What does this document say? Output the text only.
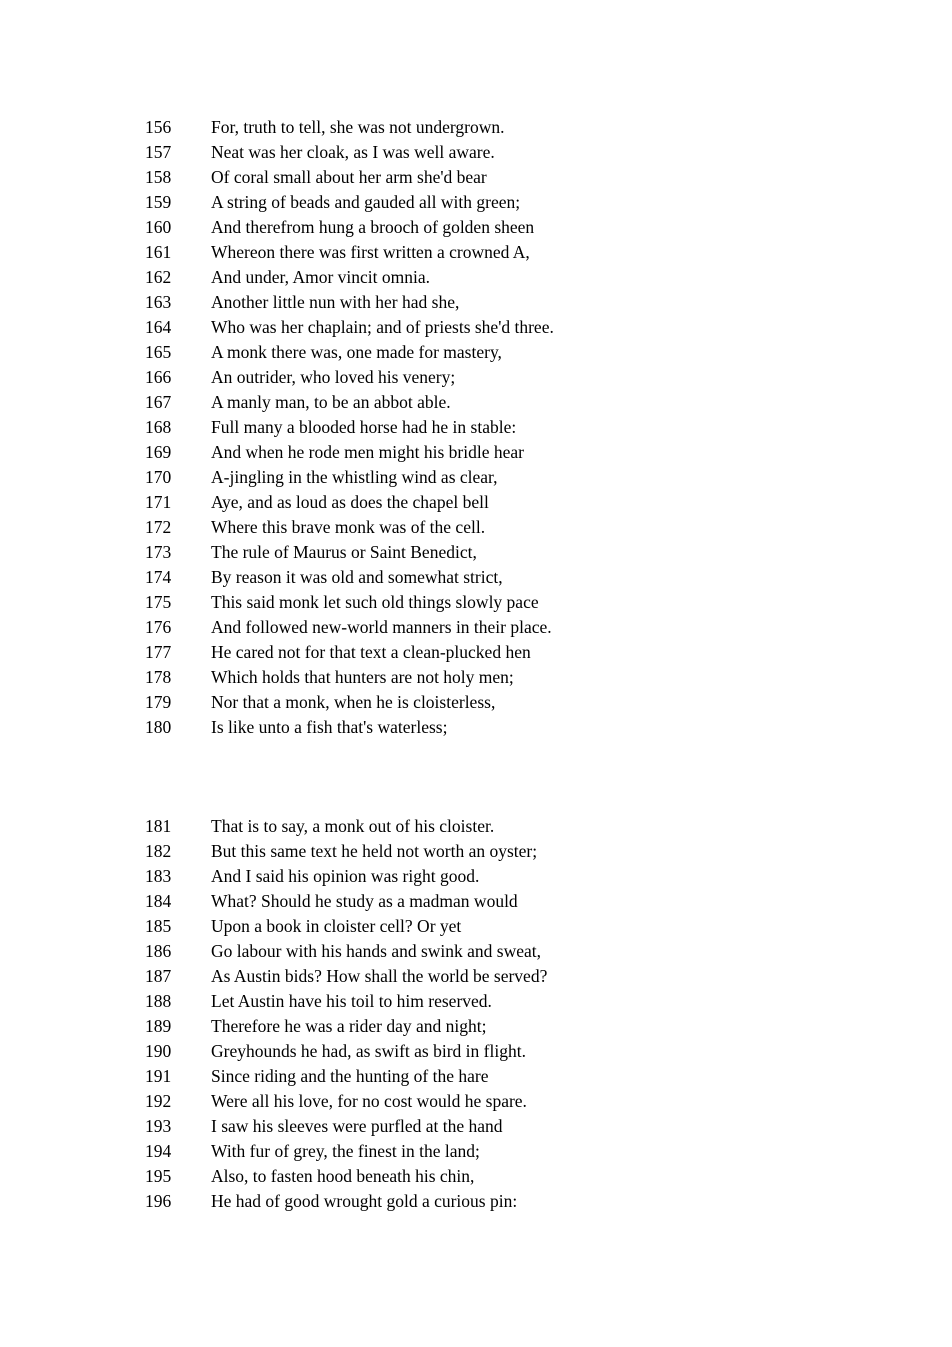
156 For, truth to tell, she was not undergrown.
157 Neat was her cloak, as I was well aware.
158 Of coral small about her arm she'd bear
159 A string of beads and gauded all with green;
160 And therefrom hung a brooch of golden sheen
161 Whereon there was first written a crowned A,
162 And under, Amor vincit omnia.
163 Another little nun with her had she,
164 Who was her chaplain; and of priests she'd three.
165 A monk there was, one made for mastery,
166 An outrider, who loved his venery;
167 A manly man, to be an abbot able.
168 Full many a blooded horse had he in stable:
169 And when he rode men might his bridle hear
170 A-jingling in the whistling wind as clear,
171 Aye, and as loud as does the chapel bell
172 Where this brave monk was of the cell.
173 The rule of Maurus or Saint Benedict,
174 By reason it was old and somewhat strict,
175 This said monk let such old things slowly pace
176 And followed new-world manners in their place.
177 He cared not for that text a clean-plucked hen
178 Which holds that hunters are not holy men;
179 Nor that a monk, when he is cloisterless,
180 Is like unto a fish that's waterless;
181 That is to say, a monk out of his cloister.
182 But this same text he held not worth an oyster;
183 And I said his opinion was right good.
184 What? Should he study as a madman would
185 Upon a book in cloister cell? Or yet
186 Go labour with his hands and swink and sweat,
187 As Austin bids? How shall the world be served?
188 Let Austin have his toil to him reserved.
189 Therefore he was a rider day and night;
190 Greyhounds he had, as swift as bird in flight.
191 Since riding and the hunting of the hare
192 Were all his love, for no cost would he spare.
193 I saw his sleeves were purfled at the hand
194 With fur of grey, the finest in the land;
195 Also, to fasten hood beneath his chin,
196 He had of good wrought gold a curious pin:
